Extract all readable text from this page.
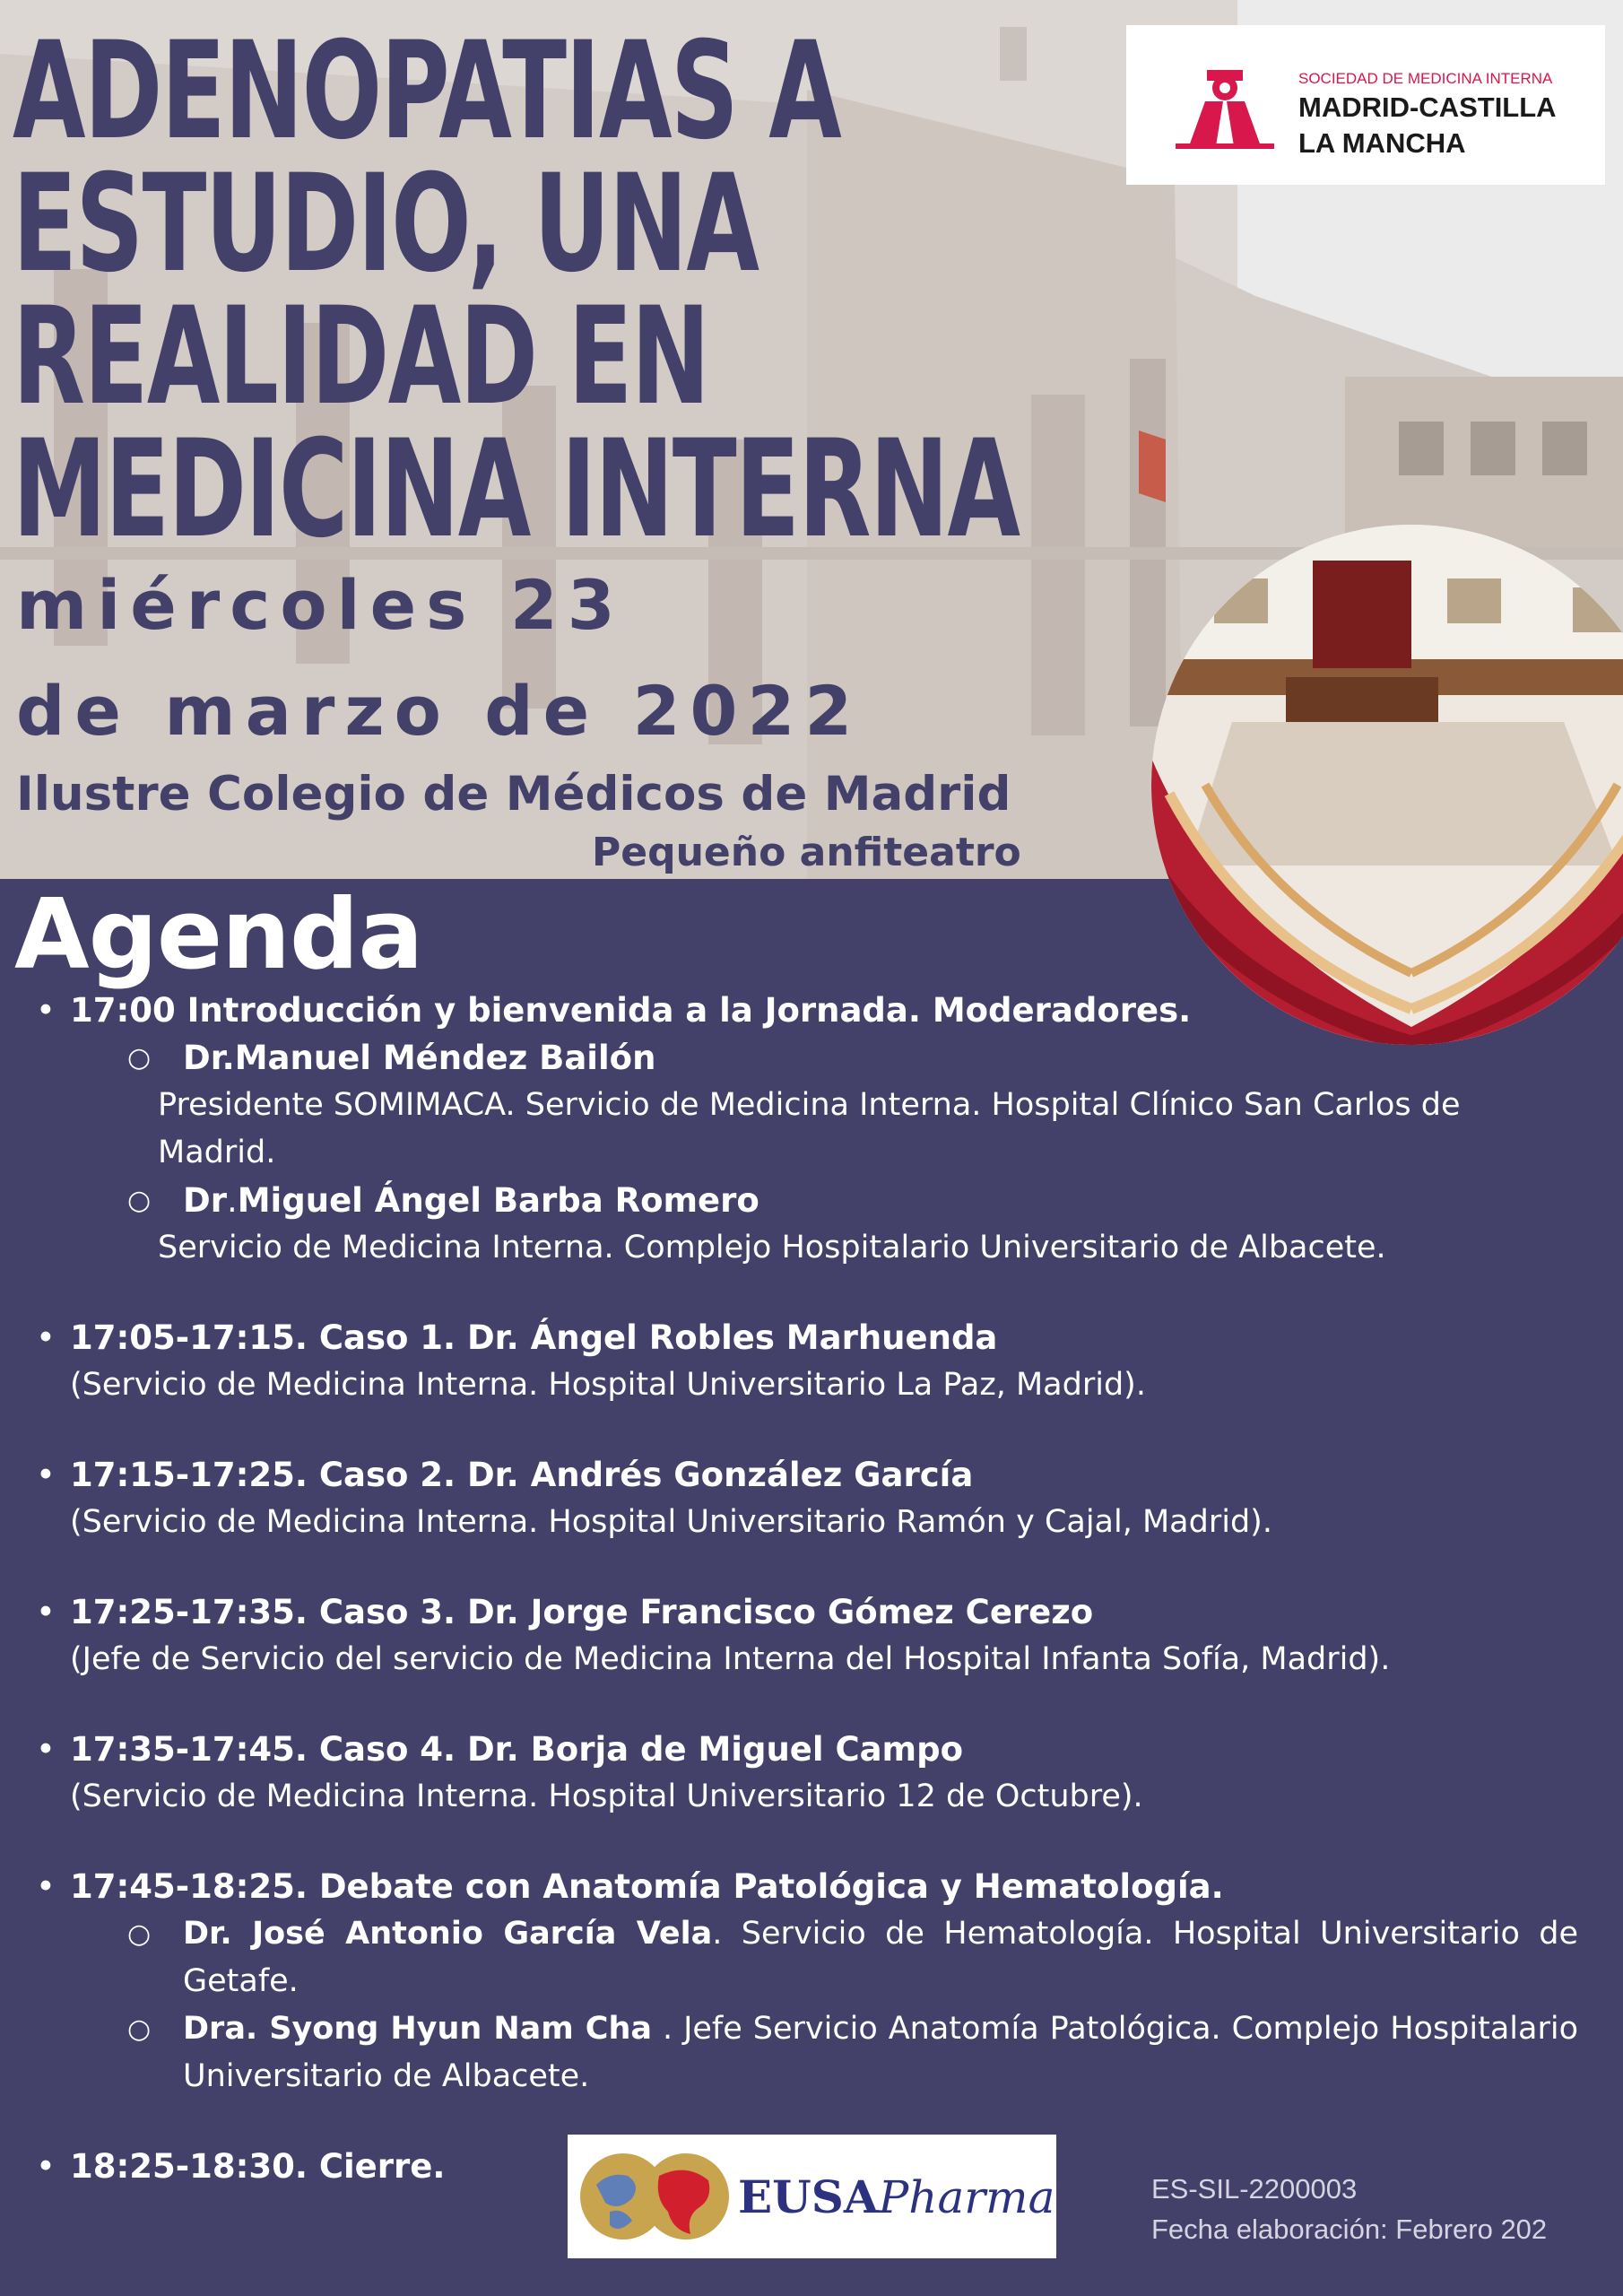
ADENOPATIAS A
ESTUDIO, UNA
REALIDAD EN
MEDICINA INTERNA
miércoles 23
de marzo de 2022
Ilustre Colegio de Médicos de Madrid
Pequeño anfiteatro
SOCIEDAD DE MEDICINA INTERNA
MADRID-CASTILLA
LA MANCHA
Agenda
• 17:00 Introducción y bienvenida a la Jornada. Moderadores.
○ Dr.Manuel Méndez Bailón
Presidente SOMIMACA. Servicio de Medicina Interna. Hospital Clínico San Carlos de Madrid.
○ Dr.Miguel Ángel Barba Romero
Servicio de Medicina Interna. Complejo Hospitalario Universitario de Albacete.
• 17:05-17:15. Caso 1. Dr. Ángel Robles Marhuenda
(Servicio de Medicina Interna. Hospital Universitario La Paz, Madrid).
• 17:15-17:25. Caso 2. Dr. Andrés González García
(Servicio de Medicina Interna. Hospital Universitario Ramón y Cajal, Madrid).
• 17:25-17:35. Caso 3. Dr. Jorge Francisco Gómez Cerezo
(Jefe de Servicio del servicio de Medicina Interna del Hospital Infanta Sofía, Madrid).
• 17:35-17:45. Caso 4. Dr. Borja de Miguel Campo
(Servicio de Medicina Interna. Hospital Universitario 12 de Octubre).
• 17:45-18:25. Debate con Anatomía Patológica y Hematología.
○ Dr. José Antonio García Vela. Servicio de Hematología. Hospital Universitario de Getafe.
○ Dra. Syong Hyun Nam Cha . Jefe Servicio Anatomía Patológica. Complejo Hospitalario Universitario de Albacete.
• 18:25-18:30. Cierre.
EUSAPharma	ES-SIL-2200003
Fecha elaboración: Febrero 202
